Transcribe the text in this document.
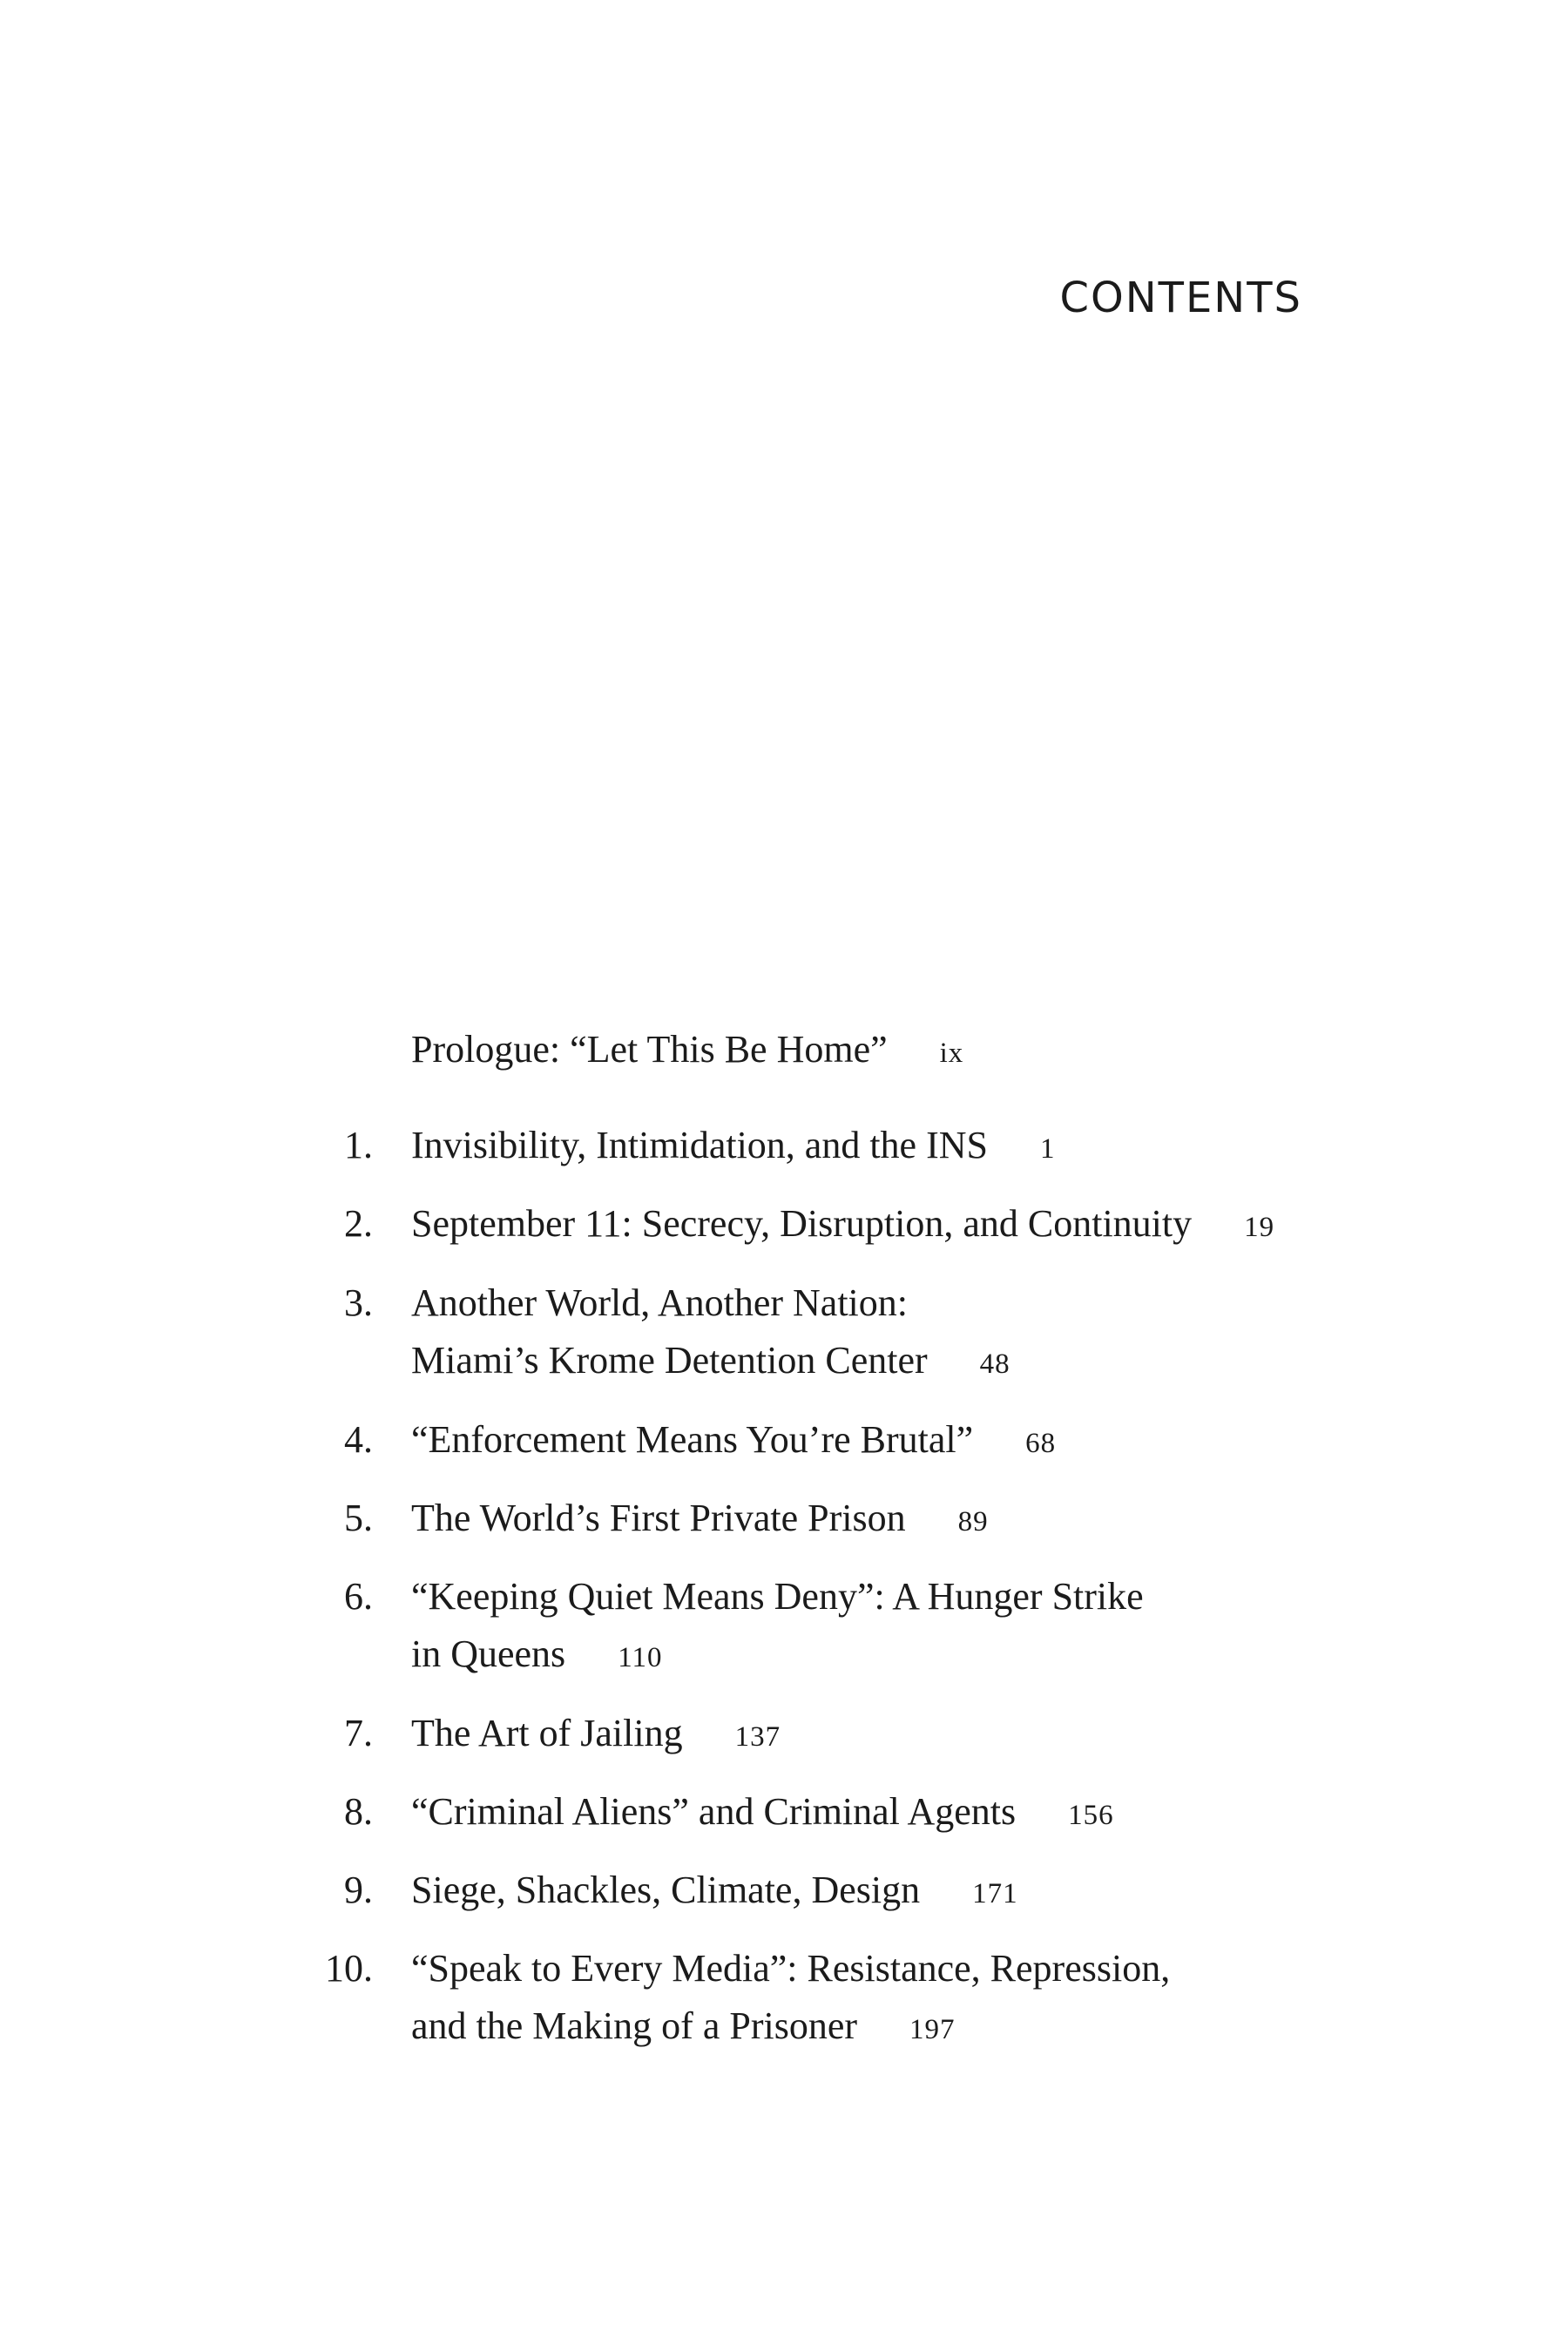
CONTENTS
Prologue: “Let This Be Home” ix
1. Invisibility, Intimidation, and the INS 1
2. September 11: Secrecy, Disruption, and Continuity 19
3. Another World, Another Nation:
Miami’s Krome Detention Center 48
4. “Enforcement Means You’re Brutal” 68
5. The World’s First Private Prison 89
6. “Keeping Quiet Means Deny”: A Hunger Strike
in Queens 110
7. The Art of Jailing 137
8. “Criminal Aliens” and Criminal Agents 156
9. Siege, Shackles, Climate, Design 171
10. “Speak to Every Media”: Resistance, Repression,
and the Making of a Prisoner 197
